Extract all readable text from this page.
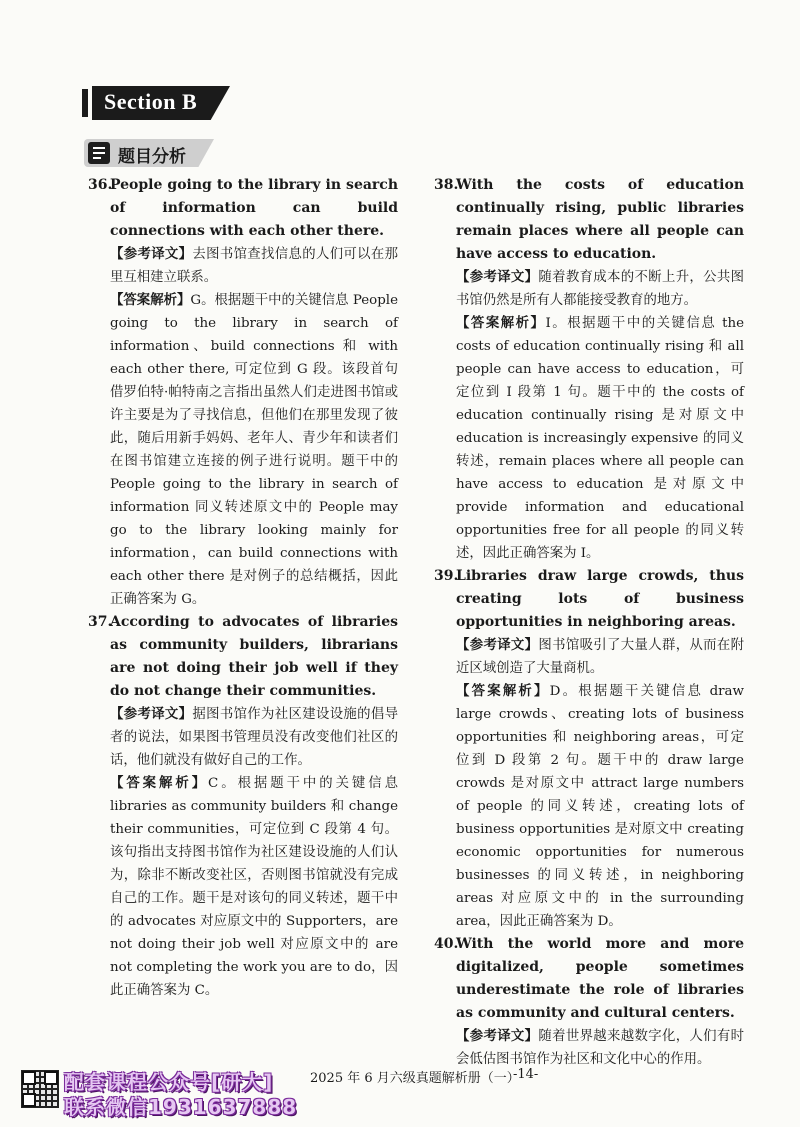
Section B
题目分析
36.
People going to the library in search of information can build connections with each other there.
【参考译文】去图书馆查找信息的人们可以在那里互相建立联系。
【答案解析】G。根据题干中的关键信息 People going to the library in search of information、build connections 和 with each other there, 可定位到 G 段。该段首句借罗伯特·帕特南之言指出虽然人们走进图书馆或许主要是为了寻找信息，但他们在那里发现了彼此，随后用新手妈妈、老年人、青少年和读者们在图书馆建立连接的例子进行说明。题干中的 People going to the library in search of information 同义转述原文中的 People may go to the library looking mainly for information，can build connections with each other there 是对例子的总结概括，因此正确答案为 G。
37.
According to advocates of libraries as community builders, librarians are not doing their job well if they do not change their communities.
【参考译文】据图书馆作为社区建设设施的倡导者的说法，如果图书管理员没有改变他们社区的话，他们就没有做好自己的工作。
【答案解析】C。根据题干中的关键信息 libraries as community builders 和 change their communities，可定位到 C 段第 4 句。该句指出支持图书馆作为社区建设设施的人们认为，除非不断改变社区，否则图书馆就没有完成自己的工作。题干是对该句的同义转述，题干中的 advocates 对应原文中的 Supporters，are not doing their job well 对应原文中的 are not completing the work you are to do，因此正确答案为 C。
38.
With the costs of education continually rising, public libraries remain places where all people can have access to education.
【参考译文】随着教育成本的不断上升，公共图书馆仍然是所有人都能接受教育的地方。
【答案解析】I。根据题干中的关键信息 the costs of education continually rising 和 all people can have access to education，可定位到 I 段第 1 句。题干中的 the costs of education continually rising 是对原文中 education is increasingly expensive 的同义转述，remain places where all people can have access to education 是对原文中 provide information and educational opportunities free for all people 的同义转述，因此正确答案为 I。
39.
Libraries draw large crowds, thus creating lots of business opportunities in neighboring areas.
【参考译文】图书馆吸引了大量人群，从而在附近区域创造了大量商机。
【答案解析】D。根据题干关键信息 draw large crowds、creating lots of business opportunities 和 neighboring areas，可定位到 D 段第 2 句。题干中的 draw large crowds 是对原文中 attract large numbers of people 的同义转述，creating lots of business opportunities 是对原文中 creating economic opportunities for numerous businesses 的同义转述，in neighboring areas 对应原文中的 in the surrounding area，因此正确答案为 D。
40.
With the world more and more digitalized, people sometimes underestimate the role of libraries as community and cultural centers.
【参考译文】随着世界越来越数字化，人们有时会低估图书馆作为社区和文化中心的作用。
配套课程公众号[研大]
联系微信1931637888
2025 年 6 月六级真题解析册（一）
-14-
